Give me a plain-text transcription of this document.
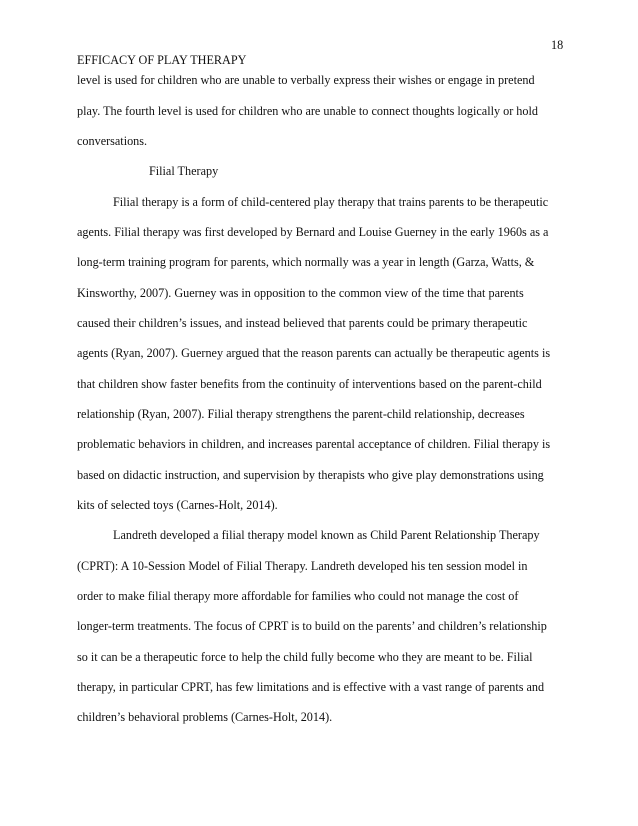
18
EFFICACY OF PLAY THERAPY
level is used for children who are unable to verbally express their wishes or engage in pretend
play. The fourth level is used for children who are unable to connect thoughts logically or hold
conversations.
Filial Therapy
Filial therapy is a form of child-centered play therapy that trains parents to be therapeutic
agents. Filial therapy was first developed by Bernard and Louise Guerney in the early 1960s as a
long-term training program for parents, which normally was a year in length (Garza, Watts, &
Kinsworthy, 2007). Guerney was in opposition to the common view of the time that parents
caused their children’s issues, and instead believed that parents could be primary therapeutic
agents (Ryan, 2007). Guerney argued that the reason parents can actually be therapeutic agents is
that children show faster benefits from the continuity of interventions based on the parent-child
relationship (Ryan, 2007). Filial therapy strengthens the parent-child relationship, decreases
problematic behaviors in children, and increases parental acceptance of children. Filial therapy is
based on didactic instruction, and supervision by therapists who give play demonstrations using
kits of selected toys (Carnes-Holt, 2014).
Landreth developed a filial therapy model known as Child Parent Relationship Therapy
(CPRT): A 10-Session Model of Filial Therapy. Landreth developed his ten session model in
order to make filial therapy more affordable for families who could not manage the cost of
longer-term treatments. The focus of CPRT is to build on the parents’ and children’s relationship
so it can be a therapeutic force to help the child fully become who they are meant to be. Filial
therapy, in particular CPRT, has few limitations and is effective with a vast range of parents and
children’s behavioral problems (Carnes-Holt, 2014).
